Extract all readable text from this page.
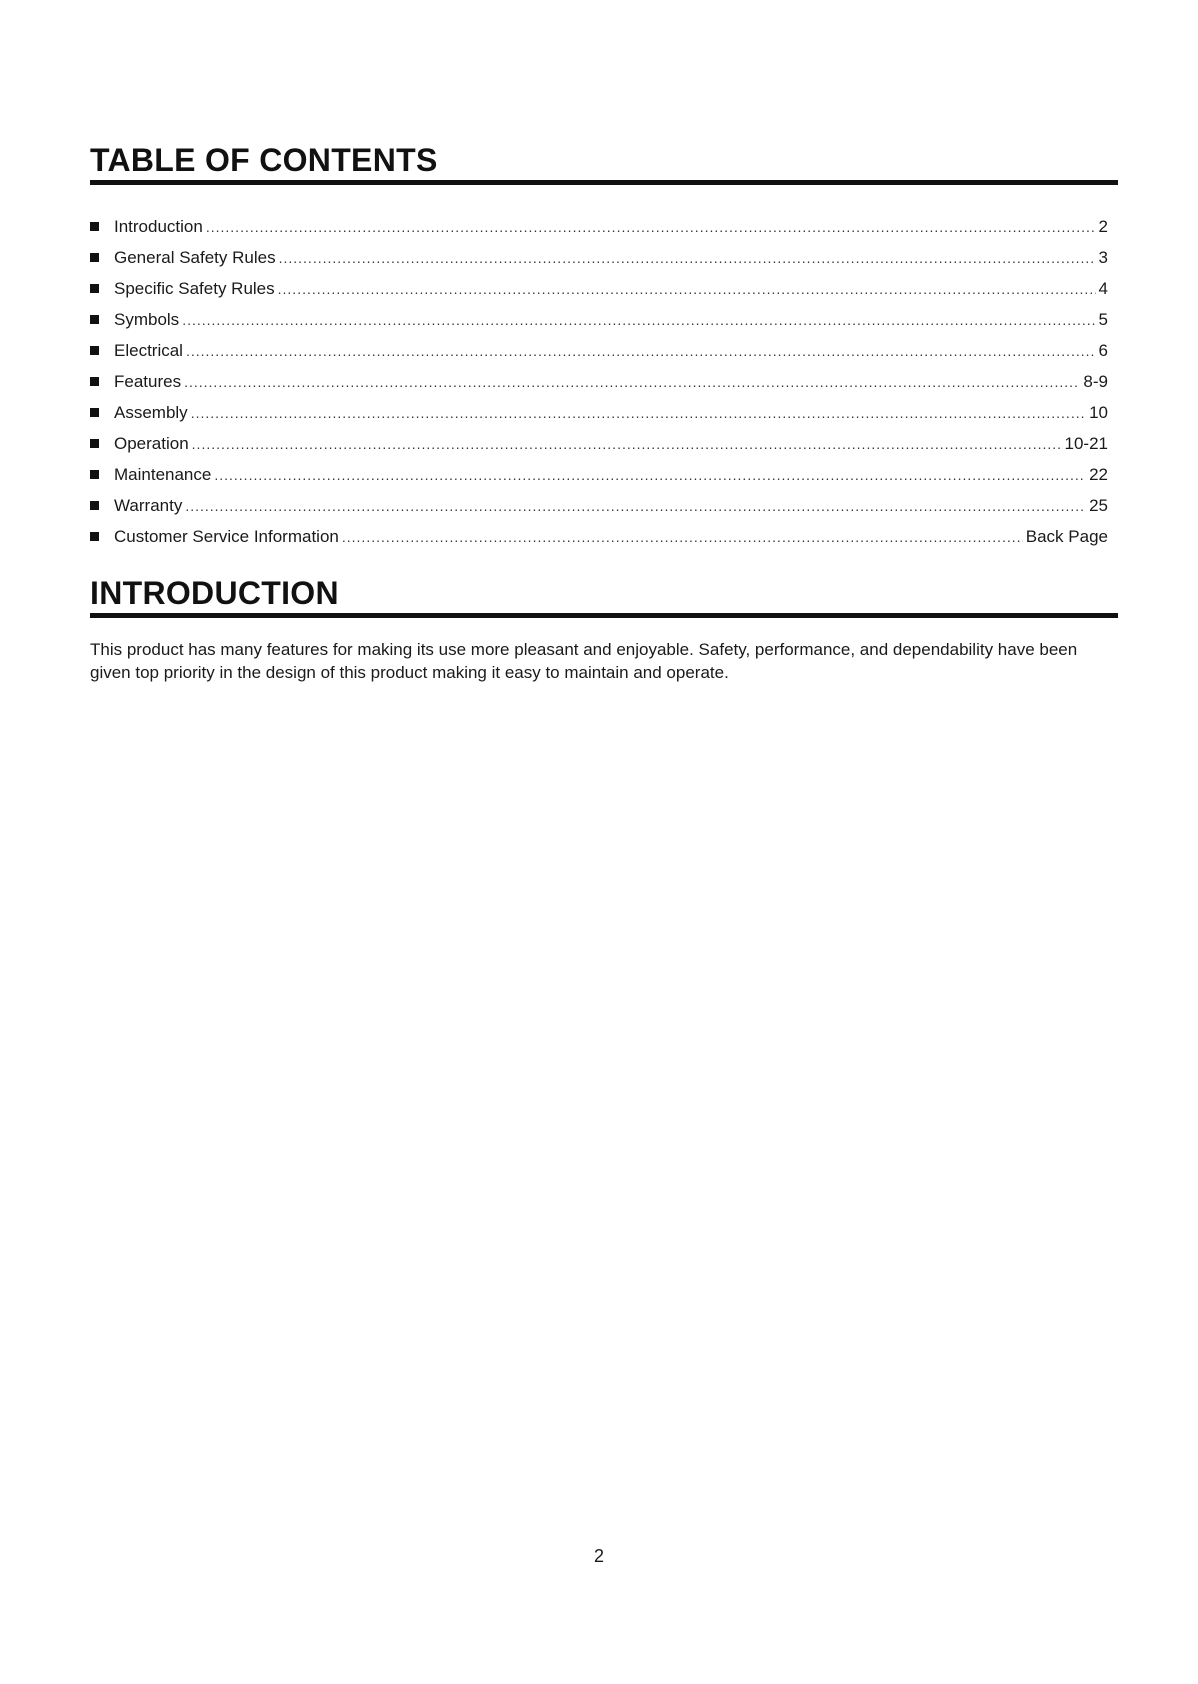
TABLE OF CONTENTS
Introduction .....	2
General Safety Rules .....	3
Specific Safety Rules .....	4
Symbols .....	5
Electrical .....	6
Features .....	8-9
Assembly .....	10
Operation .....	10-21
Maintenance .....	22
Warranty .....	25
Customer Service Information .....	Back Page
INTRODUCTION

This product has many features for making its use more pleasant and enjoyable. Safety, performance, and dependability have been given top priority in the design of this product making it easy to maintain and operate.

2
